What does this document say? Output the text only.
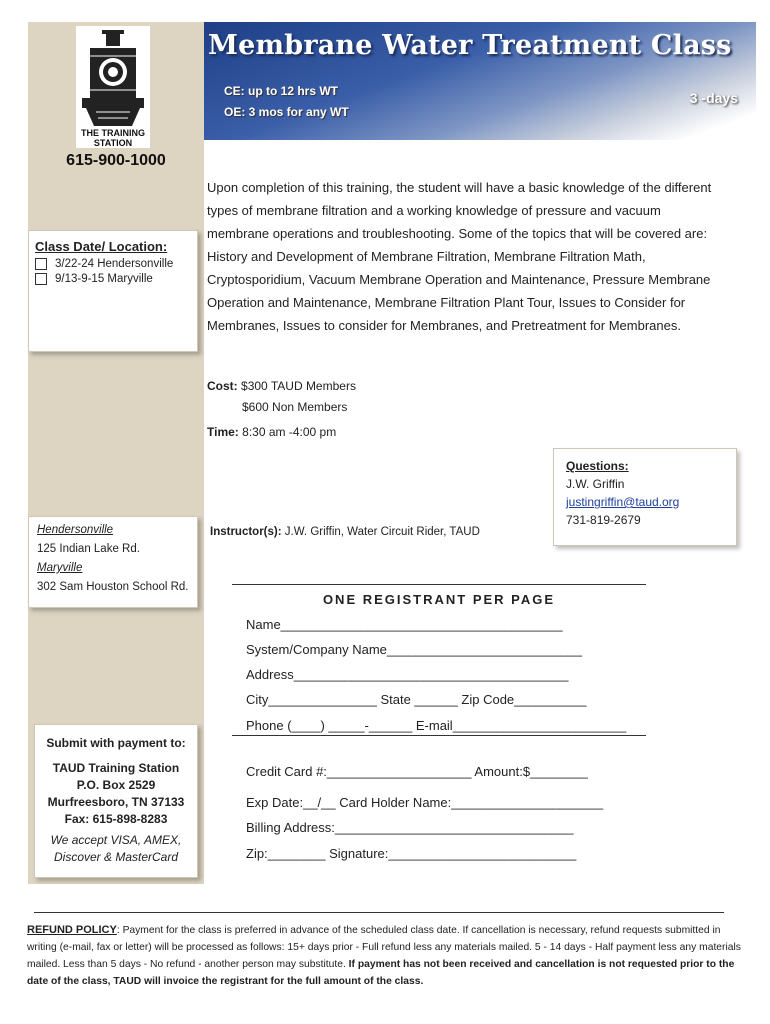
THE TRAINING
STATION
615-900-1000
Class Date/ Location:
3/22-24 Hendersonville
9/13-9-15 Maryville
Hendersonville
125 Indian Lake Rd.
Maryville
302 Sam Houston School Rd.
Submit with payment to:
TAUD Training Station
P.O. Box 2529
Murfreesboro, TN 37133
Fax: 615-898-8283
We accept VISA, AMEX,
Discover & MasterCard
Membrane Water Treatment Class
CE: up to 12 hrs WT
OE: 3 mos for any WT
3 -days
Upon completion of this training, the student will have a basic knowledge of the different types of membrane filtration and a working knowledge of pressure and vacuum membrane operations and troubleshooting. Some of the topics that will be covered are: History and Development of Membrane Filtration, Membrane Filtration Math, Cryptosporidium, Vacuum Membrane Operation and Maintenance, Pressure Membrane Operation and Maintenance, Membrane Filtration Plant Tour, Issues to Consider for Membranes, Issues to consider for Membranes, and Pretreatment for Membranes.
Cost: $300 TAUD Members
$600 Non Members
Time: 8:30 am -4:00 pm
Questions:
J.W. Griffin
justingriffin@taud.org
731-819-2679
Instructor(s): J.W. Griffin, Water Circuit Rider, TAUD
ONE REGISTRANT PER PAGE
Name_______________________________________
System/Company Name___________________________
Address______________________________________
City_______________ State ______ Zip Code__________
Phone (____) _____-______ E-mail________________________
Credit Card #:____________________ Amount:$________
Exp Date:__/__ Card Holder Name:_____________________
Billing Address:_________________________________
Zip:________ Signature:__________________________
REFUND POLICY: Payment for the class is preferred in advance of the scheduled class date. If cancellation is necessary, refund requests submitted in writing (e-mail, fax or letter) will be processed as follows: 15+ days prior - Full refund less any materials mailed. 5 - 14 days - Half payment less any materials mailed. Less than 5 days - No refund - another person may substitute. If payment has not been received and cancellation is not requested prior to the date of the class, TAUD will invoice the registrant for the full amount of the class.
